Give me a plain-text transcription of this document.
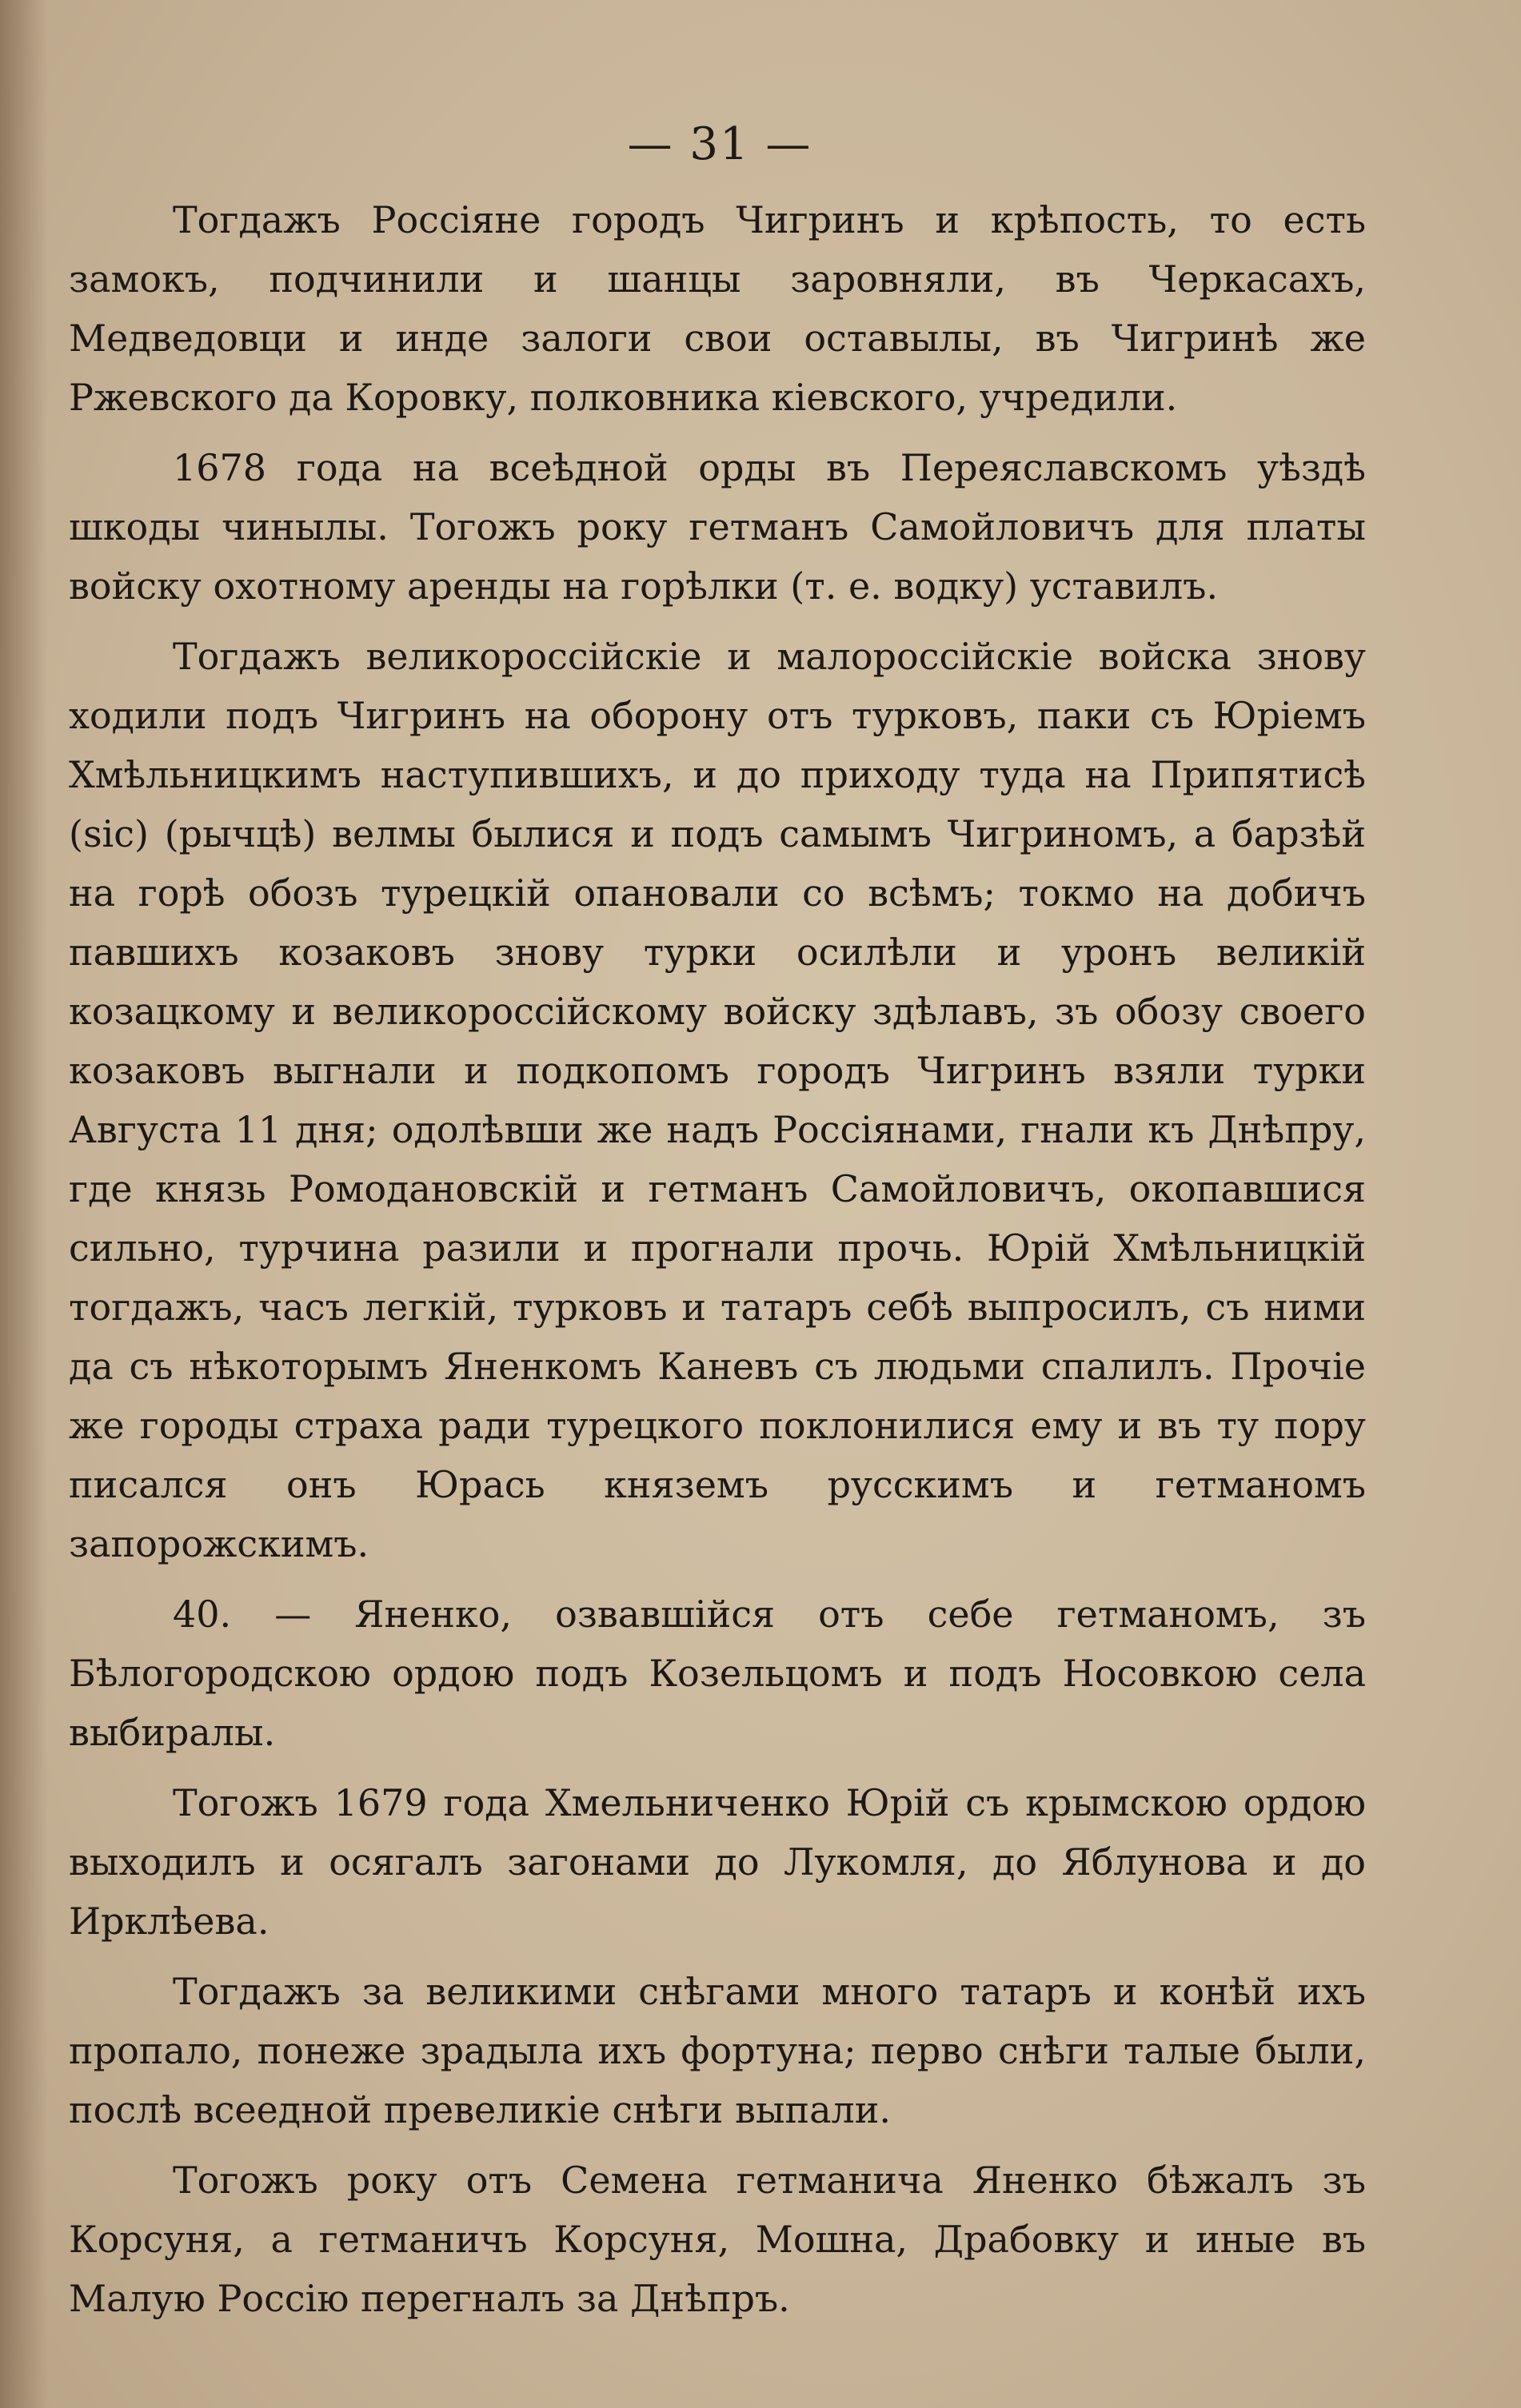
— 31 —

Тогдажъ Россiяне городъ Чигринъ и крѣпость, то есть замокъ, подчинили и шанцы заровняли, въ Черкасахъ, Медведовци и инде залоги свои оставылы, въ Чигринѣ же Ржевского да Коровку, полковника кiевского, учредили.

1678 года на всеѣдной орды въ Переяславскомъ уѣздѣ шкоды чинылы. Тогожъ року гетманъ Самойловичъ для платы войску охотному аренды на горѣлки (т. е. водку) уставилъ.

Тогдажъ великороссiйскiе и малороссiйскiе войска знову ходили подъ Чигринъ на оборону отъ турковъ, паки съ Юрiемъ Хмѣльницкимъ наступившихъ, и до приходу туда на Припятисѣ (sic) (рычцѣ) велмы былися и подъ самымъ Чигриномъ, а барзѣй на горѣ обозъ турецкiй опановали со всѣмъ; токмо на добичъ павшихъ козаковъ знову турки осилѣли и уронъ великiй козацкому и великороссiйскому войску здѣлавъ, зъ обозу своего козаковъ выгнали и подкопомъ городъ Чигринъ взяли турки Августа 11 дня; одолѣвши же надъ Россiянами, гнали къ Днѣпру, где князь Ромодановскiй и гетманъ Самойловичъ, окопавшися сильно, турчина разили и прогнали прочь. Юрiй Хмѣльницкiй тогдажъ, часъ легкiй, турковъ и татаръ себѣ выпросилъ, съ ними да съ нѣкоторымъ Яненкомъ Каневъ съ людьми спалилъ. Прочiе же городы страха ради турецкого поклонилися ему и въ ту пору писался онъ Юрась княземъ русскимъ и гетманомъ запорожскимъ.

40. — Яненко, озвавшiйся отъ себе гетманомъ, зъ Бѣлогородскою ордою подъ Козельцомъ и подъ Носовкою села выбиралы.

Тогожъ 1679 года Хмельниченко Юрiй съ крымскою ордою выходилъ и осягалъ загонами до Лукомля, до Яблунова и до Ирклѣева.

Тогдажъ за великими снѣгами много татаръ и конѣй ихъ пропало, понеже зрадыла ихъ фортуна; перво снѣги талые были, послѣ всеедной превеликiе снѣги выпали.

Тогожъ року отъ Семена гетманича Яненко бѣжалъ зъ Корсуня, а гетманичъ Корсуня, Мошна, Драбовку и иные въ Малую Россiю перегналъ за Днѣпръ.
